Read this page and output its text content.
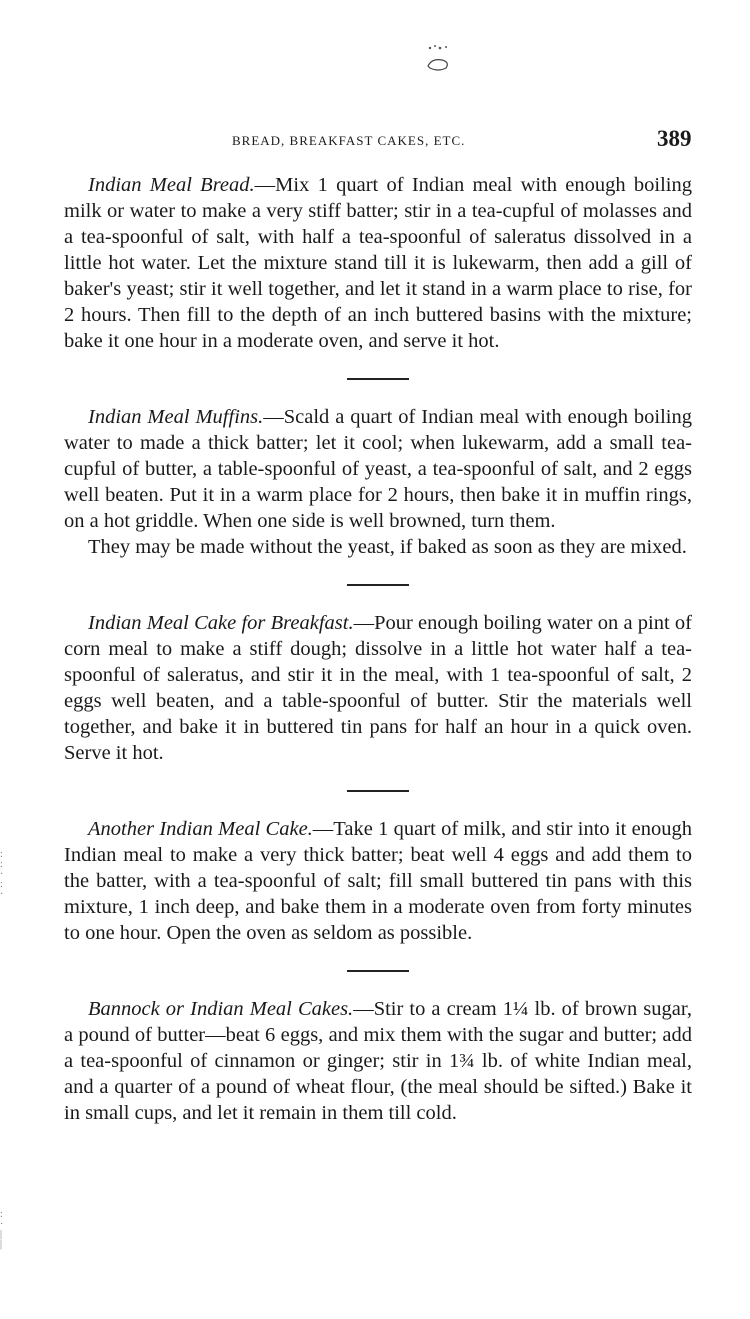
BREAD, BREAKFAST CAKES, ETC.	389

Indian Meal Bread.—Mix 1 quart of Indian meal with enough boiling milk or water to make a very stiff batter; stir in a tea-cupful of molasses and a tea-spoonful of salt, with half a tea-spoonful of saleratus dissolved in a little hot water. Let the mixture stand till it is lukewarm, then add a gill of baker's yeast; stir it well together, and let it stand in a warm place to rise, for 2 hours. Then fill to the depth of an inch buttered basins with the mixture; bake it one hour in a moderate oven, and serve it hot.

Indian Meal Muffins.—Scald a quart of Indian meal with enough boiling water to made a thick batter; let it cool; when lukewarm, add a small tea-cupful of butter, a table-spoonful of yeast, a tea-spoonful of salt, and 2 eggs well beaten. Put it in a warm place for 2 hours, then bake it in muffin rings, on a hot griddle. When one side is well browned, turn them.

They may be made without the yeast, if baked as soon as they are mixed.

Indian Meal Cake for Breakfast.—Pour enough boiling water on a pint of corn meal to make a stiff dough; dissolve in a little hot water half a tea-spoonful of saleratus, and stir it in the meal, with 1 tea-spoonful of salt, 2 eggs well beaten, and a table-spoonful of butter. Stir the materials well together, and bake it in buttered tin pans for half an hour in a quick oven. Serve it hot.

Another Indian Meal Cake.—Take 1 quart of milk, and stir into it enough Indian meal to make a very thick batter; beat well 4 eggs and add them to the batter, with a tea-spoonful of salt; fill small buttered tin pans with this mixture, 1 inch deep, and bake them in a moderate oven from forty minutes to one hour. Open the oven as seldom as possible.

Bannock or Indian Meal Cakes.—Stir to a cream 1¼ lb. of brown sugar, a pound of butter—beat 6 eggs, and mix them with the sugar and butter; add a tea-spoonful of cinnamon or ginger; stir in 1¾ lb. of white Indian meal, and a quarter of a pound of wheat flour, (the meal should be sifted.) Bake it in small cups, and let it remain in them till cold.

:
:
·
:
·
:
·
|
|
